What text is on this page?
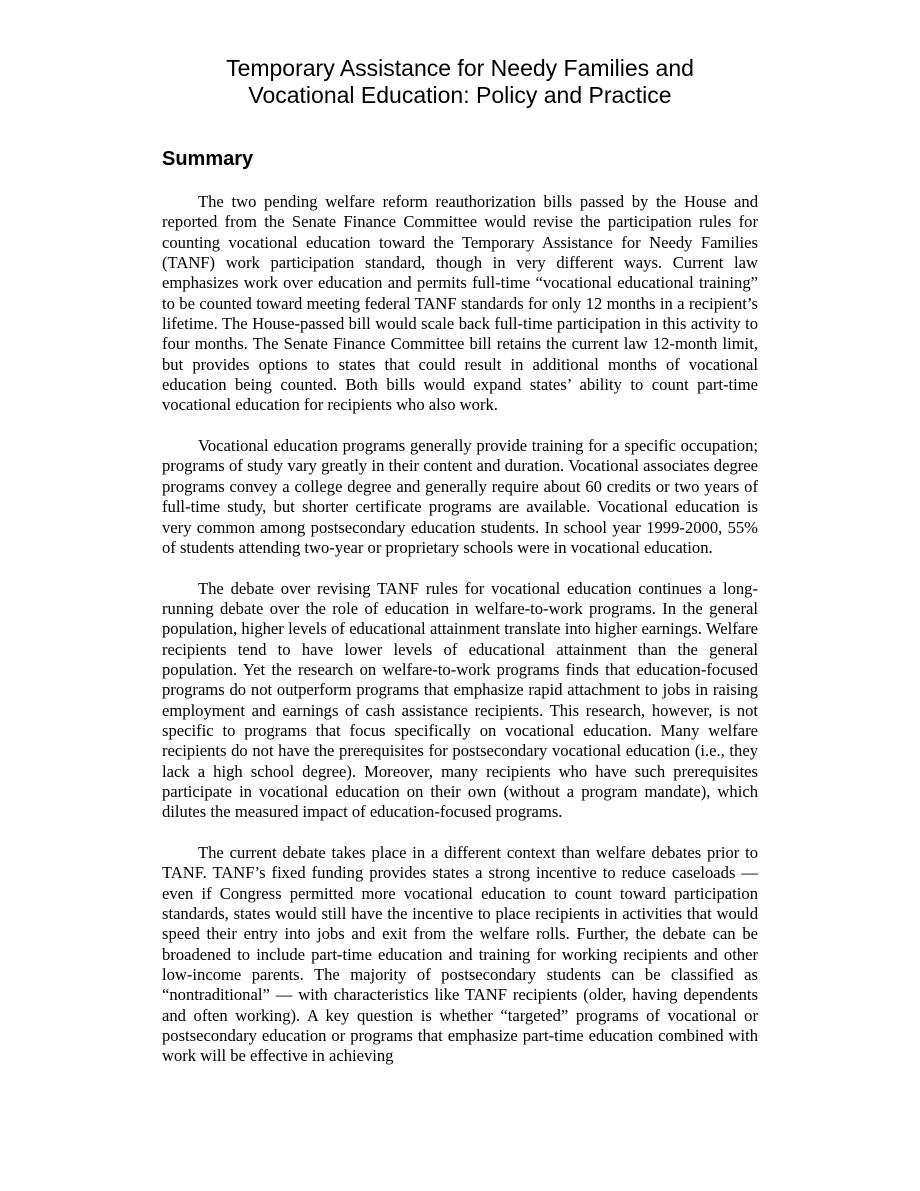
Temporary Assistance for Needy Families and
Vocational Education: Policy and Practice
Summary

The two pending welfare reform reauthorization bills passed by the House and reported from the Senate Finance Committee would revise the participation rules for counting vocational education toward the Temporary Assistance for Needy Families (TANF) work participation standard, though in very different ways. Current law emphasizes work over education and permits full-time “vocational educational training” to be counted toward meeting federal TANF standards for only 12 months in a recipient’s lifetime. The House-passed bill would scale back full-time participation in this activity to four months. The Senate Finance Committee bill retains the current law 12-month limit, but provides options to states that could result in additional months of vocational education being counted. Both bills would expand states’ ability to count part-time vocational education for recipients who also work.

Vocational education programs generally provide training for a specific occupation; programs of study vary greatly in their content and duration. Vocational associates degree programs convey a college degree and generally require about 60 credits or two years of full-time study, but shorter certificate programs are available. Vocational education is very common among postsecondary education students. In school year 1999-2000, 55% of students attending two-year or proprietary schools were in vocational education.

The debate over revising TANF rules for vocational education continues a long-running debate over the role of education in welfare-to-work programs. In the general population, higher levels of educational attainment translate into higher earnings. Welfare recipients tend to have lower levels of educational attainment than the general population. Yet the research on welfare-to-work programs finds that education-focused programs do not outperform programs that emphasize rapid attachment to jobs in raising employment and earnings of cash assistance recipients. This research, however, is not specific to programs that focus specifically on vocational education. Many welfare recipients do not have the prerequisites for postsecondary vocational education (i.e., they lack a high school degree). Moreover, many recipients who have such prerequisites participate in vocational education on their own (without a program mandate), which dilutes the measured impact of education-focused programs.

The current debate takes place in a different context than welfare debates prior to TANF. TANF’s fixed funding provides states a strong incentive to reduce caseloads — even if Congress permitted more vocational education to count toward participation standards, states would still have the incentive to place recipients in activities that would speed their entry into jobs and exit from the welfare rolls. Further, the debate can be broadened to include part-time education and training for working recipients and other low-income parents. The majority of postsecondary students can be classified as “nontraditional” — with characteristics like TANF recipients (older, having dependents and often working). A key question is whether “targeted” programs of vocational or postsecondary education or programs that emphasize part-time education combined with work will be effective in achieving
